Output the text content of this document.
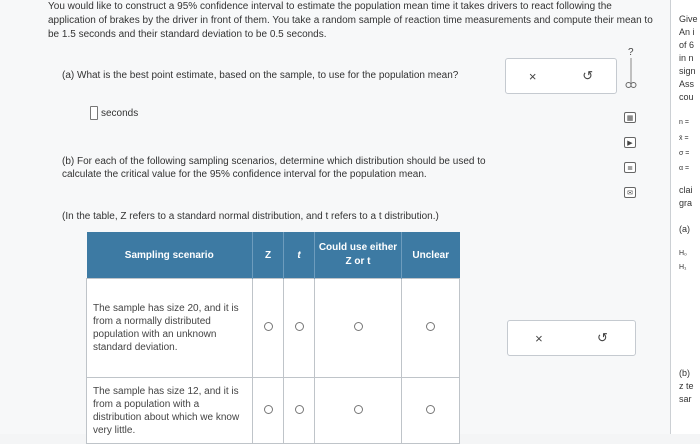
You would like to construct a 95% confidence interval to estimate the population mean time it takes drivers to react following the application of brakes by the driver in front of them. You take a random sample of reaction time measurements and compute their mean to be 1.5 seconds and their standard deviation to be 0.5 seconds.
(a) What is the best point estimate, based on the sample, to use for the population mean?
seconds
(b) For each of the following sampling scenarios, determine which distribution should be used to calculate the critical value for the 95% confidence interval for the population mean.
(In the table, Z refers to a standard normal distribution, and t refers to a t distribution.)
Sampling scenario	Z	t	Could use either Z or t	Unclear
The sample has size 20, and it is from a normally distributed population with an unknown standard deviation.				
The sample has size 12, and it is from a population with a distribution about which we know very little.				
×	↺
×	↺
?
▦
▶
≣
✉
Give
An i
of 6
in n
sign
Ass
cou
n =
x̄ =
σ =
α =
clai
gra
(a)
H₀
H₁
(b)
z te
sar
